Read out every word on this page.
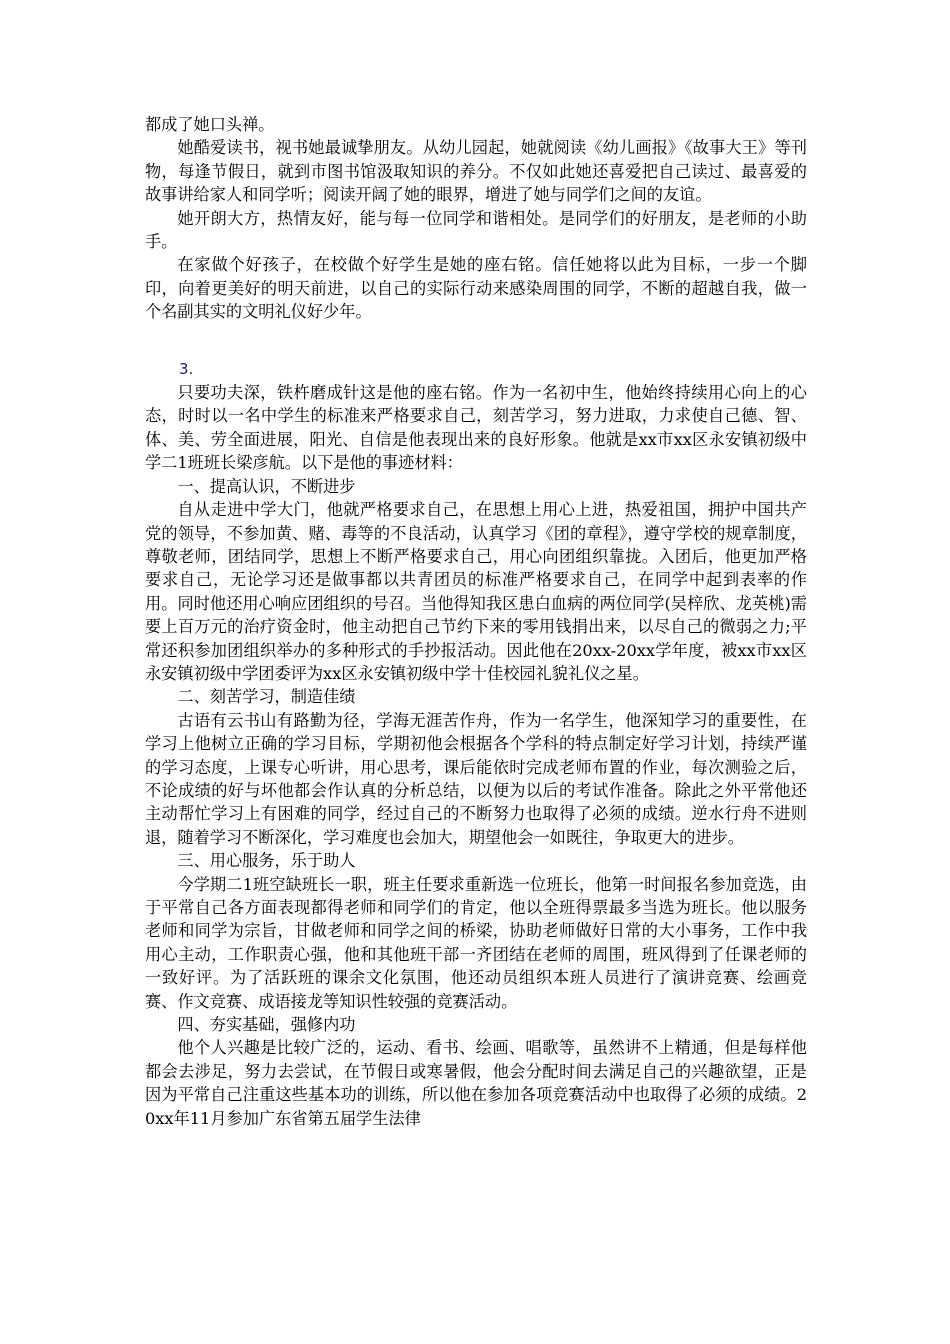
都成了她口头禅。

她酷爱读书，视书她最诚挚朋友。从幼儿园起，她就阅读《幼儿画报》《故事大王》等刊物，每逢节假日，就到市图书馆汲取知识的养分。不仅如此她还喜爱把自己读过、最喜爱的故事讲给家人和同学听；阅读开阔了她的眼界，增进了她与同学们之间的友谊。

她开朗大方，热情友好，能与每一位同学和谐相处。是同学们的好朋友，是老师的小助手。

在家做个好孩子，在校做个好学生是她的座右铭。信任她将以此为目标，一步一个脚印，向着更美好的明天前进，以自己的实际行动来感染周围的同学，不断的超越自我，做一个名副其实的文明礼仪好少年。

3.

只要功夫深，铁杵磨成针这是他的座右铭。作为一名初中生，他始终持续用心向上的心态，时时以一名中学生的标准来严格要求自己，刻苦学习，努力进取，力求使自己德、智、体、美、劳全面进展，阳光、自信是他表现出来的良好形象。他就是xx市xx区永安镇初级中学二1班班长梁彦航。以下是他的事迹材料：

一、提高认识，不断进步

自从走进中学大门，他就严格要求自己，在思想上用心上进，热爱祖国，拥护中国共产党的领导，不参加黄、赌、毒等的不良活动，认真学习《团的章程》，遵守学校的规章制度，尊敬老师，团结同学，思想上不断严格要求自己，用心向团组织靠拢。入团后，他更加严格要求自己，无论学习还是做事都以共青团员的标准严格要求自己，在同学中起到表率的作用。同时他还用心响应团组织的号召。当他得知我区患白血病的两位同学(吴梓欣、龙英桃)需要上百万元的治疗资金时，他主动把自己节约下来的零用钱捐出来，以尽自己的微弱之力;平常还积参加团组织举办的多种形式的手抄报活动。因此他在20xx-20xx学年度，被xx市xx区永安镇初级中学团委评为xx区永安镇初级中学十佳校园礼貌礼仪之星。

二、刻苦学习，制造佳绩

古语有云书山有路勤为径，学海无涯苦作舟，作为一名学生，他深知学习的重要性，在学习上他树立正确的学习目标，学期初他会根据各个学科的特点制定好学习计划，持续严谨的学习态度，上课专心听讲，用心思考，课后能依时完成老师布置的作业，每次测验之后，不论成绩的好与坏他都会作认真的分析总结，以便为以后的考试作准备。除此之外平常他还主动帮忙学习上有困难的同学，经过自己的不断努力也取得了必须的成绩。逆水行舟不进则退，随着学习不断深化，学习难度也会加大，期望他会一如既往，争取更大的进步。

三、用心服务，乐于助人

今学期二1班空缺班长一职，班主任要求重新选一位班长，他第一时间报名参加竞选，由于平常自己各方面表现都得老师和同学们的肯定，他以全班得票最多当选为班长。他以服务老师和同学为宗旨，甘做老师和同学之间的桥梁，协助老师做好日常的大小事务，工作中我用心主动，工作职责心强，他和其他班干部一齐团结在老师的周围，班风得到了任课老师的一致好评。为了活跃班的课余文化氛围，他还动员组织本班人员进行了演讲竞赛、绘画竞赛、作文竞赛、成语接龙等知识性较强的竞赛活动。

四、夯实基础，强修内功

他个人兴趣是比较广泛的，运动、看书、绘画、唱歌等，虽然讲不上精通，但是每样他都会去涉足，努力去尝试，在节假日或寒暑假，他会分配时间去满足自己的兴趣欲望，正是因为平常自己注重这些基本功的训练，所以他在参加各项竞赛活动中也取得了必须的成绩。20xx年11月参加广东省第五届学生法律
